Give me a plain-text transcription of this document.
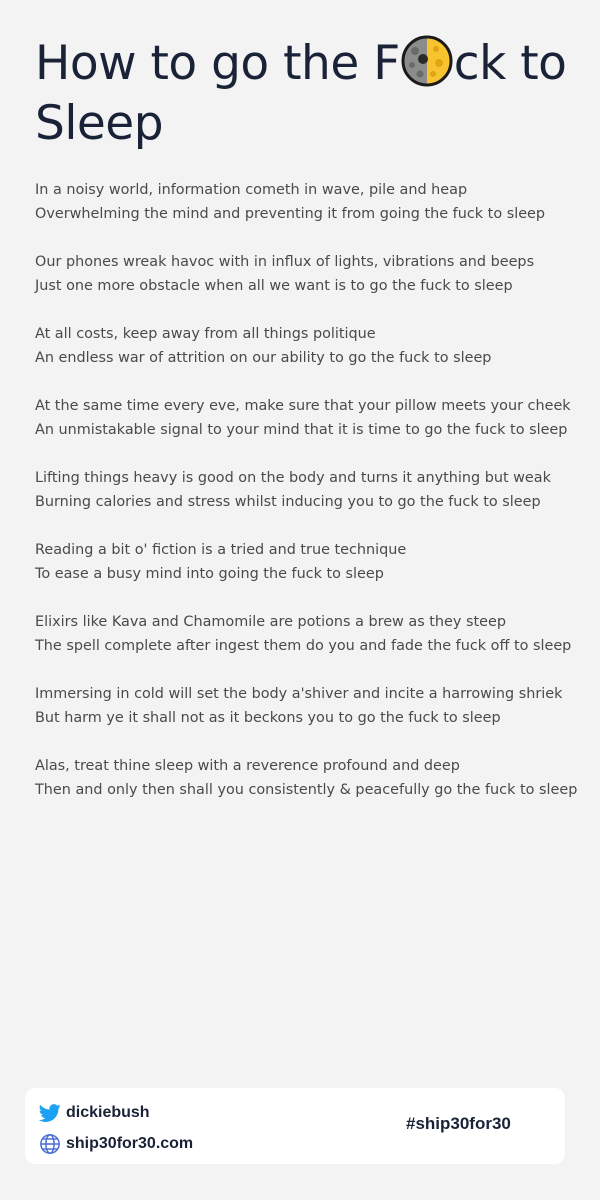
How to go the F ck to Sleep
In a noisy world, information cometh in wave, pile and heap
Overwhelming the mind and preventing it from going the fuck to sleep
Our phones wreak havoc with in influx of lights, vibrations and beeps
Just one more obstacle when all we want is to go the fuck to sleep
At all costs, keep away from all things politique
An endless war of attrition on our ability to go the fuck to sleep
At the same time every eve, make sure that your pillow meets your cheek
An unmistakable signal to your mind that it is time to go the fuck to sleep
Lifting things heavy is good on the body and turns it anything but weak
Burning calories and stress whilst inducing you to go the fuck to sleep
Reading a bit o' fiction is a tried and true technique
To ease a busy mind into going the fuck to sleep
Elixirs like Kava and Chamomile are potions a brew as they steep
The spell complete after ingest them do you and fade the fuck off to sleep
Immersing in cold will set the body a'shiver and incite a harrowing shriek
But harm ye it shall not as it beckons you to go the fuck to sleep
Alas, treat thine sleep with a reverence profound and deep
Then and only then shall you consistently & peacefully go the fuck to sleep
dickiebush
ship30for30.com
#ship30for30
